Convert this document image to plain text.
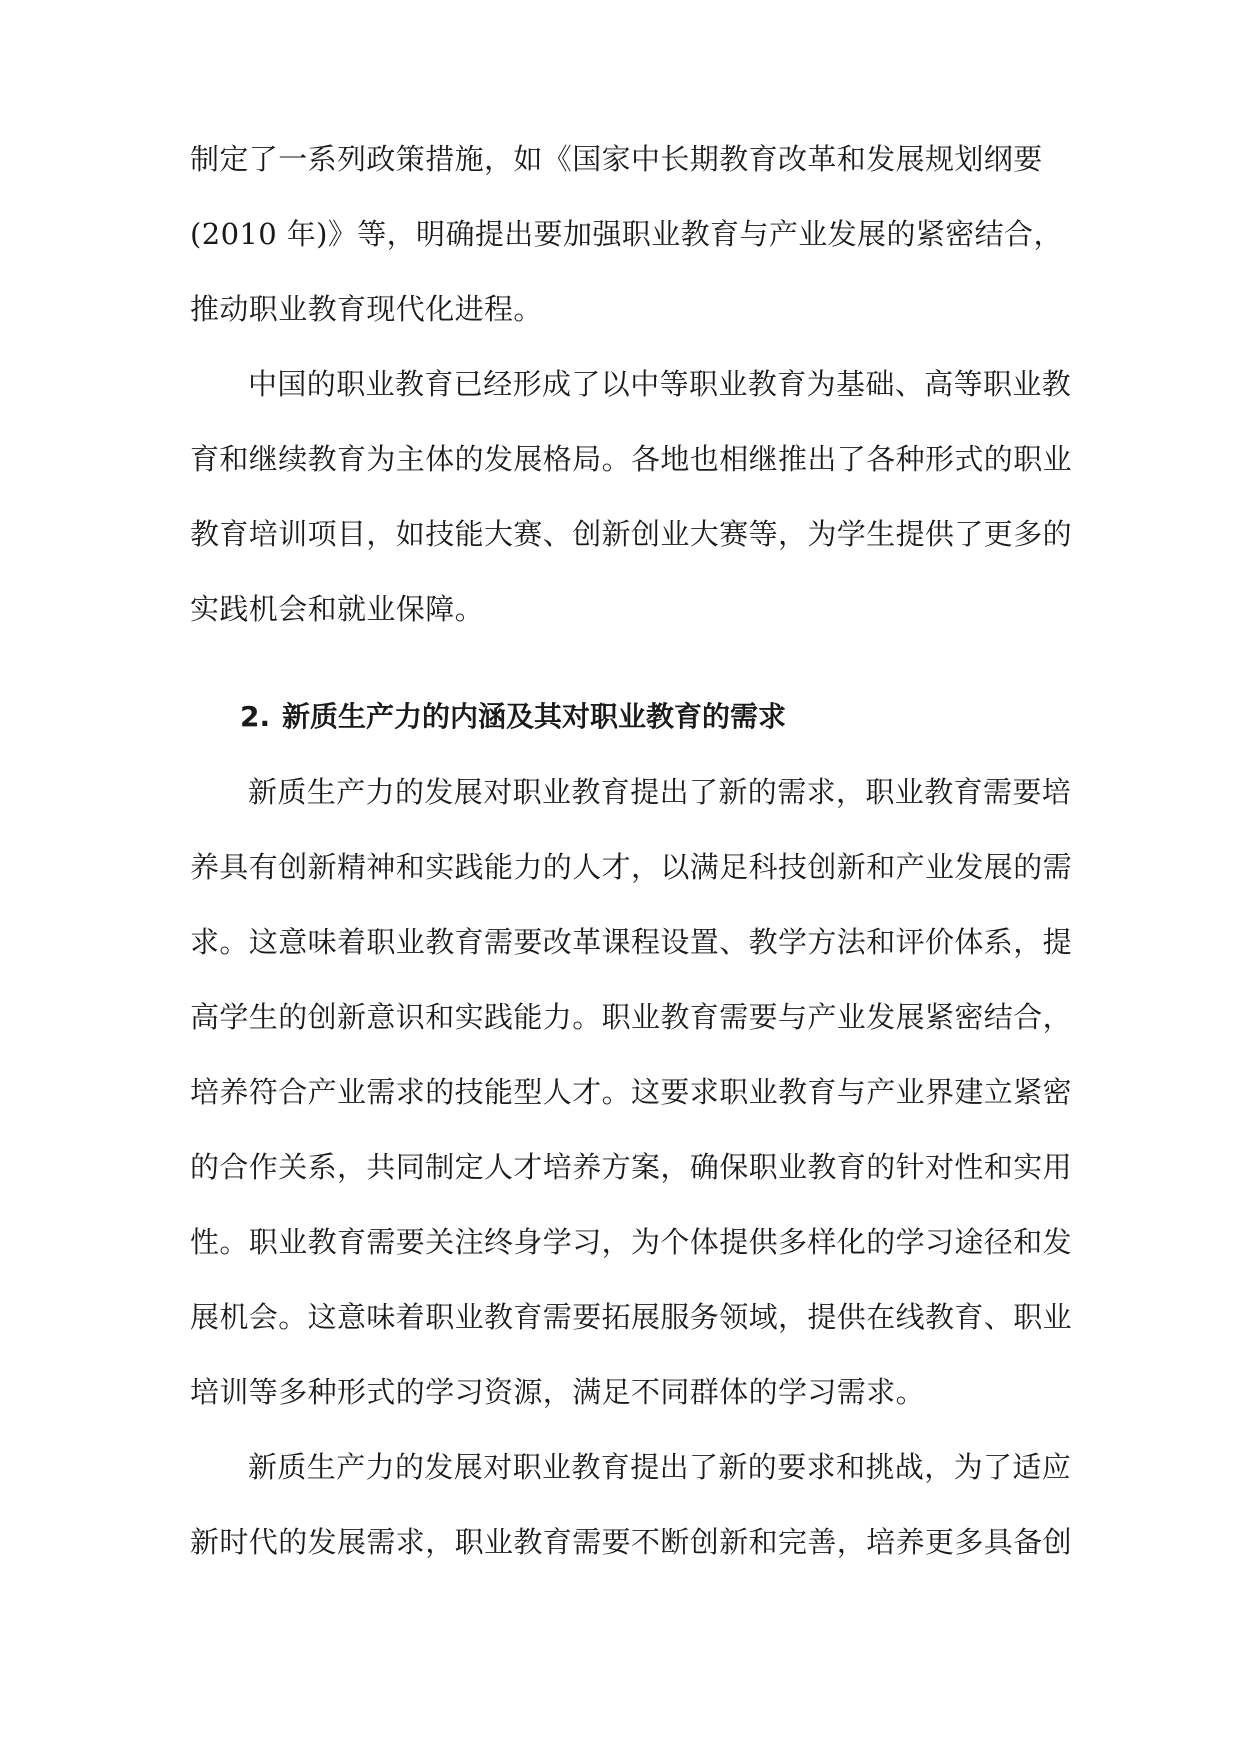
制定了一系列政策措施，如《国家中长期教育改革和发展规划纲要
(2010 年)》等，明确提出要加强职业教育与产业发展的紧密结合，
推动职业教育现代化进程。
中国的职业教育已经形成了以中等职业教育为基础、高等职业教
育和继续教育为主体的发展格局。各地也相继推出了各种形式的职业
教育培训项目，如技能大赛、创新创业大赛等，为学生提供了更多的
实践机会和就业保障。
2. 新质生产力的内涵及其对职业教育的需求
新质生产力的发展对职业教育提出了新的需求，职业教育需要培
养具有创新精神和实践能力的人才，以满足科技创新和产业发展的需
求。这意味着职业教育需要改革课程设置、教学方法和评价体系，提
高学生的创新意识和实践能力。职业教育需要与产业发展紧密结合，
培养符合产业需求的技能型人才。这要求职业教育与产业界建立紧密
的合作关系，共同制定人才培养方案，确保职业教育的针对性和实用
性。职业教育需要关注终身学习，为个体提供多样化的学习途径和发
展机会。这意味着职业教育需要拓展服务领域，提供在线教育、职业
培训等多种形式的学习资源，满足不同群体的学习需求。
新质生产力的发展对职业教育提出了新的要求和挑战，为了适应
新时代的发展需求，职业教育需要不断创新和完善，培养更多具备创
